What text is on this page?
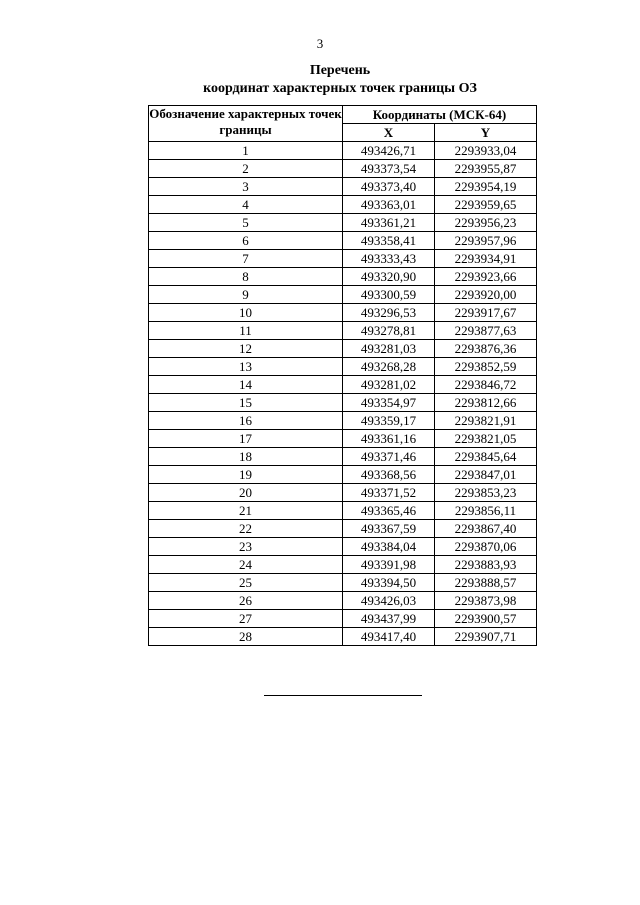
3
Перечень
координат характерных точек границы ОЗ
Обозначение характерных точек границы	Координаты (МСК-64)	
	X	Y
1	493426,71	2293933,04
2	493373,54	2293955,87
3	493373,40	2293954,19
4	493363,01	2293959,65
5	493361,21	2293956,23
6	493358,41	2293957,96
7	493333,43	2293934,91
8	493320,90	2293923,66
9	493300,59	2293920,00
10	493296,53	2293917,67
11	493278,81	2293877,63
12	493281,03	2293876,36
13	493268,28	2293852,59
14	493281,02	2293846,72
15	493354,97	2293812,66
16	493359,17	2293821,91
17	493361,16	2293821,05
18	493371,46	2293845,64
19	493368,56	2293847,01
20	493371,52	2293853,23
21	493365,46	2293856,11
22	493367,59	2293867,40
23	493384,04	2293870,06
24	493391,98	2293883,93
25	493394,50	2293888,57
26	493426,03	2293873,98
27	493437,99	2293900,57
28	493417,40	2293907,71
